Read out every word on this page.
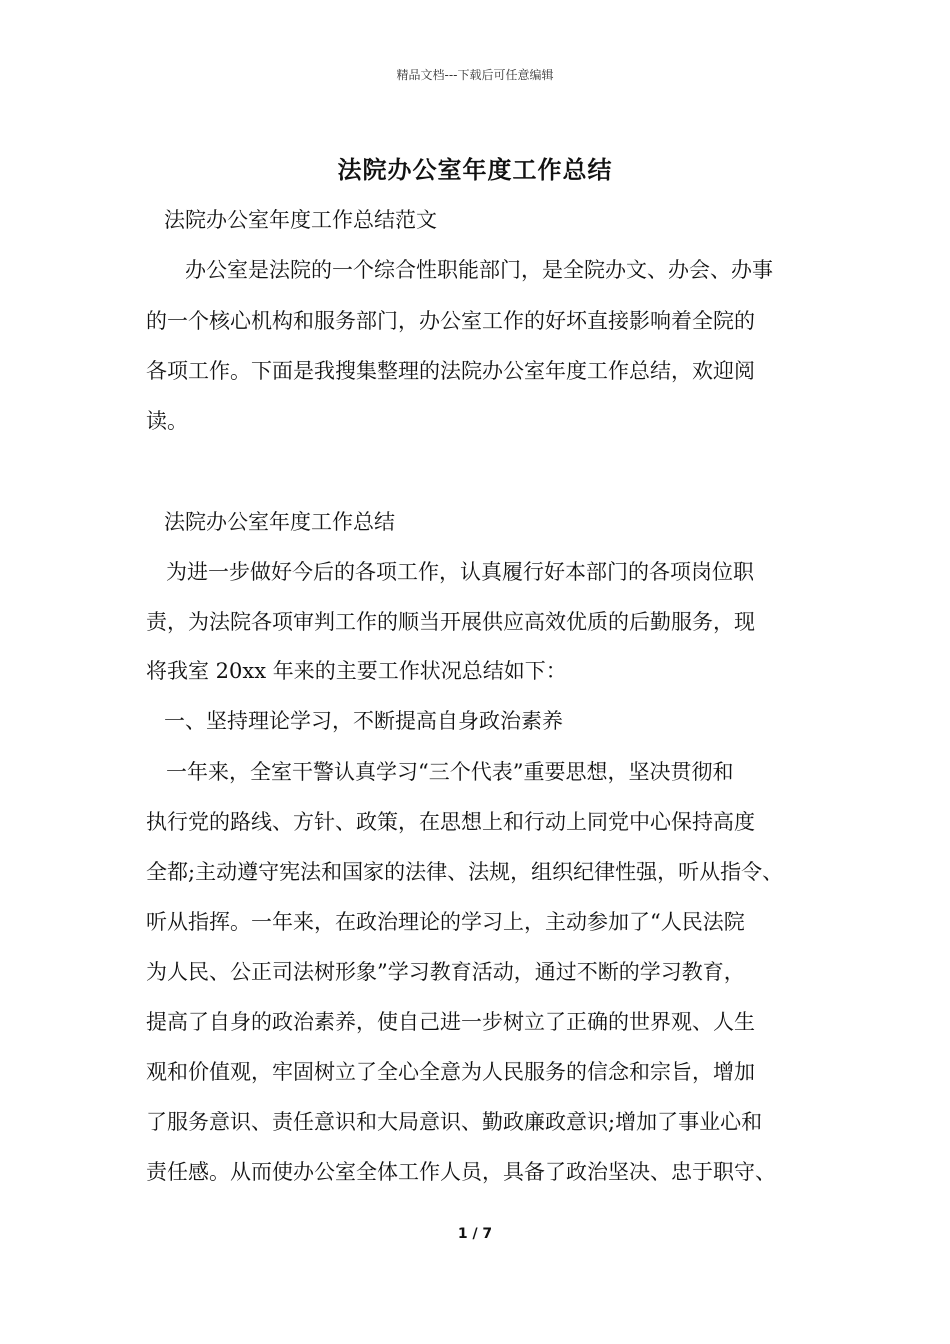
精品文档---下载后可任意编辑
法院办公室年度工作总结
法院办公室年度工作总结范文
办公室是法院的一个综合性职能部门，是全院办文、办会、办事
的一个核心机构和服务部门，办公室工作的好坏直接影响着全院的
各项工作。下面是我搜集整理的法院办公室年度工作总结，欢迎阅
读。
法院办公室年度工作总结
为进一步做好今后的各项工作，认真履行好本部门的各项岗位职
责，为法院各项审判工作的顺当开展供应高效优质的后勤服务，现
将我室 20xx 年来的主要工作状况总结如下：
一、坚持理论学习，不断提高自身政治素养
一年来，全室干警认真学习“三个代表”重要思想，坚决贯彻和
执行党的路线、方针、政策，在思想上和行动上同党中心保持高度
全都;主动遵守宪法和国家的法律、法规，组织纪律性强，听从指令、
听从指挥。一年来，在政治理论的学习上，主动参加了“人民法院
为人民、公正司法树形象”学习教育活动，通过不断的学习教育，
提高了自身的政治素养，使自己进一步树立了正确的世界观、人生
观和价值观，牢固树立了全心全意为人民服务的信念和宗旨，增加
了服务意识、责任意识和大局意识、勤政廉政意识;增加了事业心和
责任感。从而使办公室全体工作人员，具备了政治坚决、忠于职守、
1 / 7
